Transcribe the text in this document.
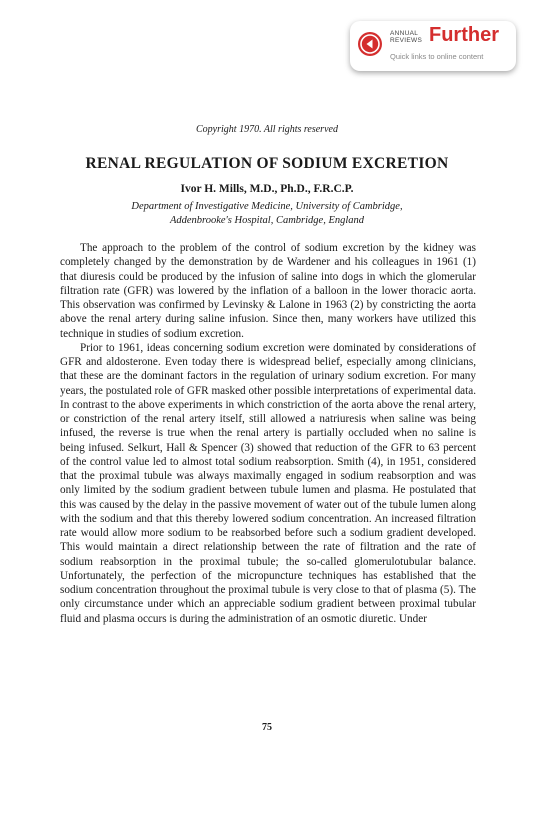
ANNUAL
REVIEWS Further
Quick links to online content
Copyright 1970. All rights reserved
RENAL REGULATION OF SODIUM EXCRETION
Ivor H. Mills, M.D., Ph.D., F.R.C.P.
Department of Investigative Medicine, University of Cambridge,
Addenbrooke's Hospital, Cambridge, England

The approach to the problem of the control of sodium excretion by the kidney was completely changed by the demonstration by de Wardener and his colleagues in 1961 (1) that diuresis could be produced by the infusion of saline into dogs in which the glomerular filtration rate (GFR) was lowered by the inflation of a balloon in the lower thoracic aorta. This observation was confirmed by Levinsky & Lalone in 1963 (2) by constricting the aorta above the renal artery during saline infusion. Since then, many workers have utilized this technique in studies of sodium excretion.

Prior to 1961, ideas concerning sodium excretion were dominated by considerations of GFR and aldosterone. Even today there is widespread belief, especially among clinicians, that these are the dominant factors in the regulation of urinary sodium excretion. For many years, the postulated role of GFR masked other possible interpretations of experimental data. In contrast to the above experiments in which constriction of the aorta above the renal artery, or constriction of the renal artery itself, still allowed a natriuresis when saline was being infused, the reverse is true when the renal artery is partially occluded when no saline is being infused. Selkurt, Hall & Spencer (3) showed that reduction of the GFR to 63 percent of the control value led to almost total sodium reabsorption. Smith (4), in 1951, considered that the proximal tubule was always maximally engaged in sodium reabsorption and was only limited by the sodium gradient between tubule lumen and plasma. He postulated that this was caused by the delay in the passive movement of water out of the tubule lumen along with the sodium and that this thereby lowered sodium concentration. An increased filtration rate would allow more sodium to be reabsorbed before such a sodium gradient developed. This would maintain a direct relationship between the rate of filtration and the rate of sodium reabsorption in the proximal tubule; the so-called glomerulotubular balance. Unfortunately, the perfection of the micropuncture techniques has established that the sodium concentration throughout the proximal tubule is very close to that of plasma (5). The only circumstance under which an appreciable sodium gradient between proximal tubular fluid and plasma occurs is during the administration of an osmotic diuretic. Under

75
